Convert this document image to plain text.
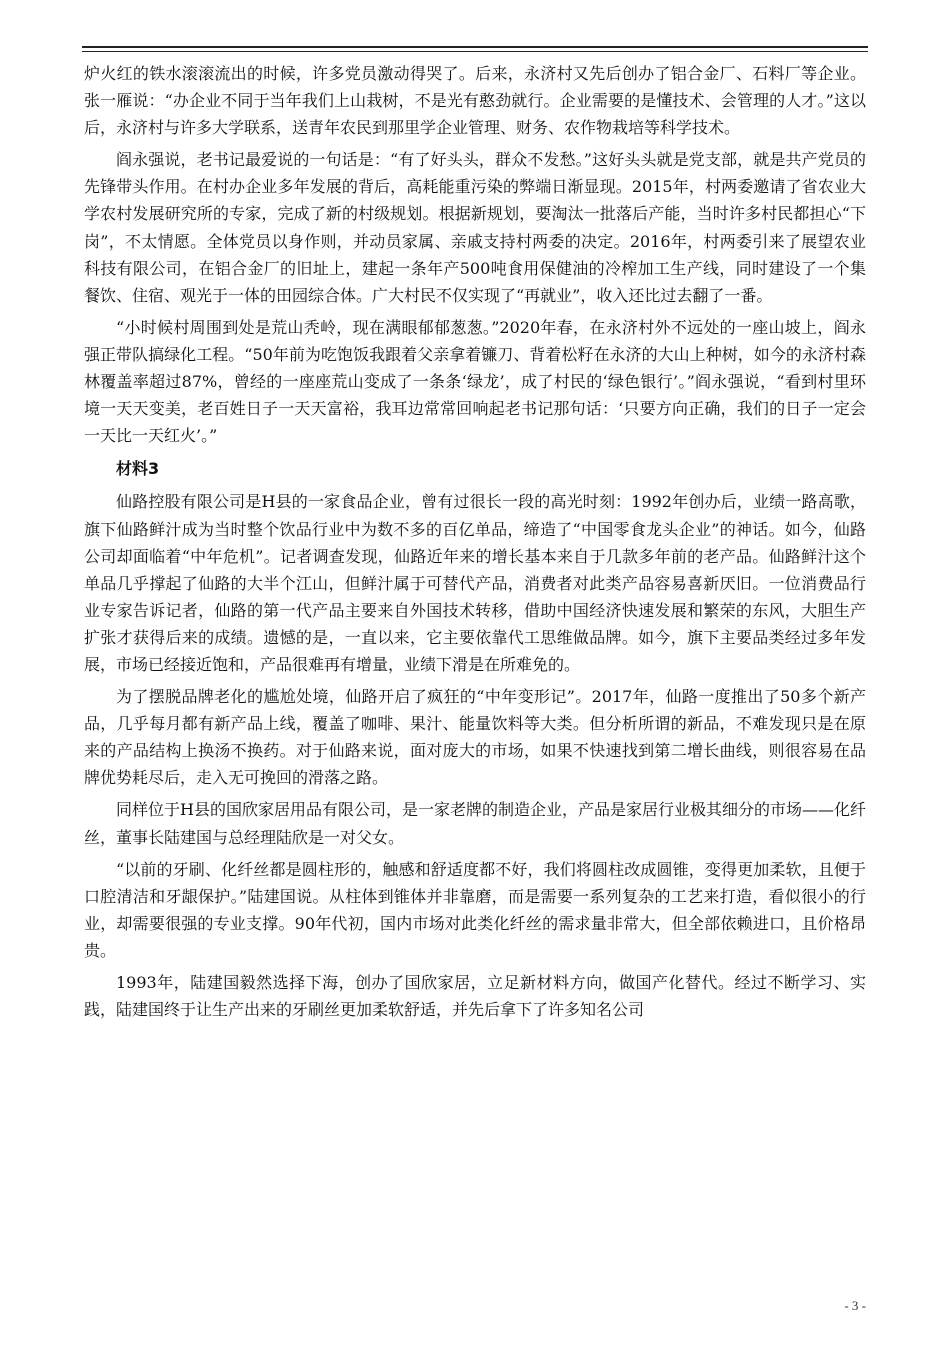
炉火红的铁水滚滚流出的时候，许多党员激动得哭了。后来，永济村又先后创办了铝合金厂、石料厂等企业。张一雁说：“办企业不同于当年我们上山栽树，不是光有憨劲就行。企业需要的是懂技术、会管理的人才。”这以后，永济村与许多大学联系，送青年农民到那里学企业管理、财务、农作物栽培等科学技术。

阎永强说，老书记最爱说的一句话是：“有了好头头，群众不发愁。”这好头头就是党支部，就是共产党员的先锋带头作用。在村办企业多年发展的背后，高耗能重污染的弊端日渐显现。2015年，村两委邀请了省农业大学农村发展研究所的专家，完成了新的村级规划。根据新规划，要淘汰一批落后产能，当时许多村民都担心“下岗”，不太情愿。全体党员以身作则，并动员家属、亲戚支持村两委的决定。2016年，村两委引来了展望农业科技有限公司，在铝合金厂的旧址上，建起一条年产500吨食用保健油的冷榨加工生产线，同时建设了一个集餐饮、住宿、观光于一体的田园综合体。广大村民不仅实现了“再就业”，收入还比过去翻了一番。

“小时候村周围到处是荒山秃岭，现在满眼郁郁葱葱。”2020年春，在永济村外不远处的一座山坡上，阎永强正带队搞绿化工程。“50年前为吃饱饭我跟着父亲拿着镰刀、背着松籽在永济的大山上种树，如今的永济村森林覆盖率超过87%，曾经的一座座荒山变成了一条条‘绿龙’，成了村民的‘绿色银行’。”阎永强说，“看到村里环境一天天变美，老百姓日子一天天富裕，我耳边常常回响起老书记那句话：‘只要方向正确，我们的日子一定会一天比一天红火’。”

材料3

仙路控股有限公司是H县的一家食品企业，曾有过很长一段的高光时刻：1992年创办后，业绩一路高歌，旗下仙路鲜汁成为当时整个饮品行业中为数不多的百亿单品，缔造了“中国零食龙头企业”的神话。如今，仙路公司却面临着“中年危机”。记者调查发现，仙路近年来的增长基本来自于几款多年前的老产品。仙路鲜汁这个单品几乎撑起了仙路的大半个江山，但鲜汁属于可替代产品，消费者对此类产品容易喜新厌旧。一位消费品行业专家告诉记者，仙路的第一代产品主要来自外国技术转移，借助中国经济快速发展和繁荣的东风，大胆生产扩张才获得后来的成绩。遗憾的是，一直以来，它主要依靠代工思维做品牌。如今，旗下主要品类经过多年发展，市场已经接近饱和，产品很难再有增量，业绩下滑是在所难免的。

为了摆脱品牌老化的尴尬处境，仙路开启了疯狂的“中年变形记”。2017年，仙路一度推出了50多个新产品，几乎每月都有新产品上线，覆盖了咖啡、果汁、能量饮料等大类。但分析所谓的新品，不难发现只是在原来的产品结构上换汤不换药。对于仙路来说，面对庞大的市场，如果不快速找到第二增长曲线，则很容易在品牌优势耗尽后，走入无可挽回的滑落之路。

同样位于H县的国欣家居用品有限公司，是一家老牌的制造企业，产品是家居行业极其细分的市场——化纤丝，董事长陆建国与总经理陆欣是一对父女。

“以前的牙刷、化纤丝都是圆柱形的，触感和舒适度都不好，我们将圆柱改成圆锥，变得更加柔软，且便于口腔清洁和牙龈保护。”陆建国说。从柱体到锥体并非靠磨，而是需要一系列复杂的工艺来打造，看似很小的行业，却需要很强的专业支撑。90年代初，国内市场对此类化纤丝的需求量非常大，但全部依赖进口，且价格昂贵。

1993年，陆建国毅然选择下海，创办了国欣家居，立足新材料方向，做国产化替代。经过不断学习、实践，陆建国终于让生产出来的牙刷丝更加柔软舒适，并先后拿下了许多知名公司

- 3 -
